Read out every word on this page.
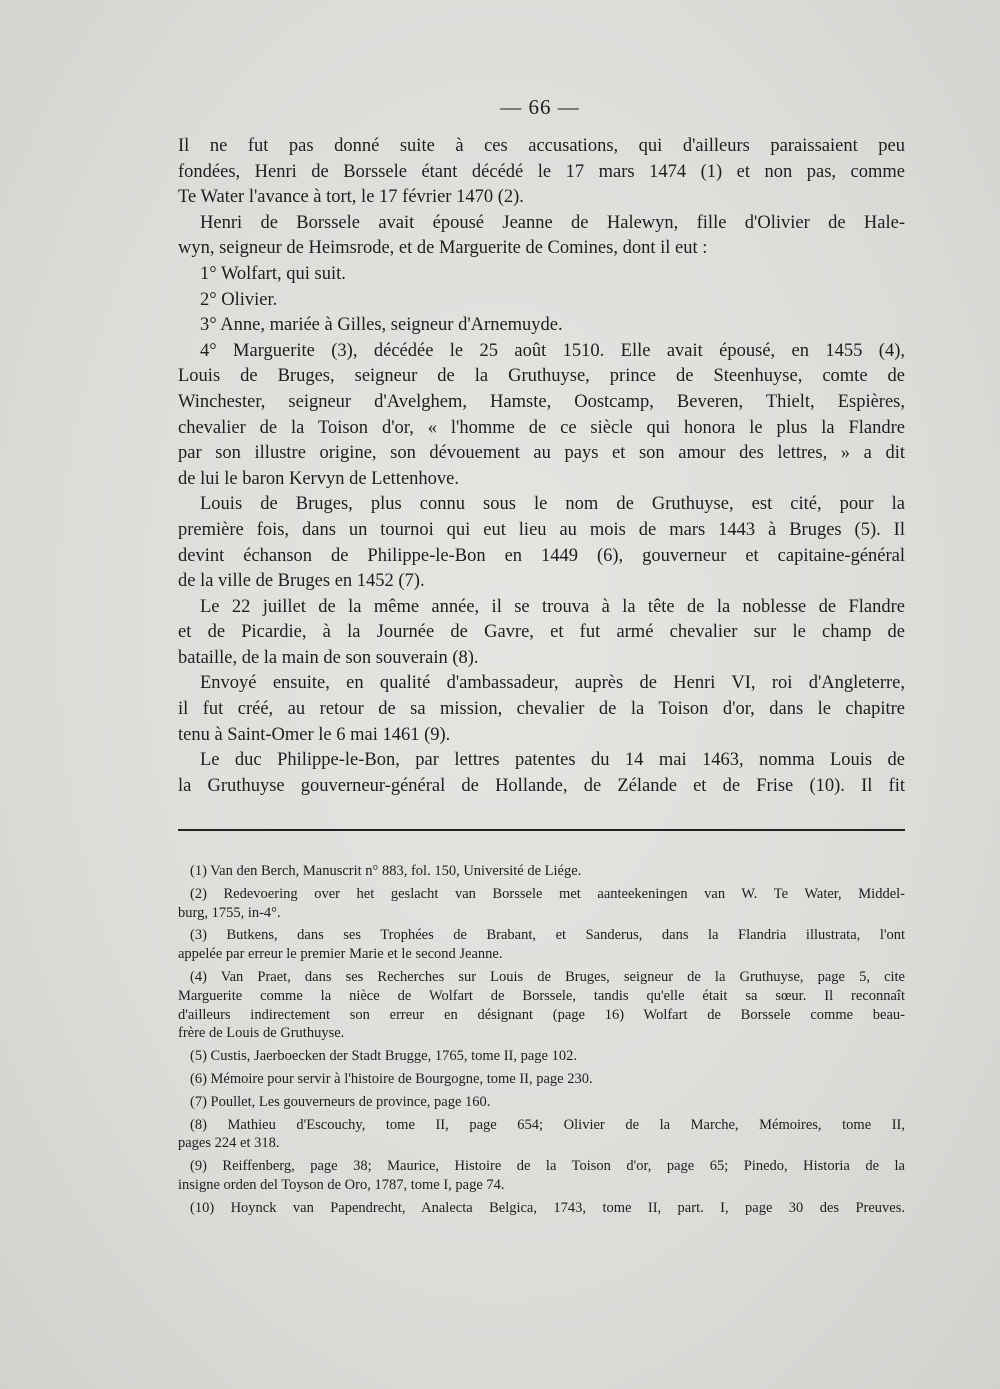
— 66 —
Il ne fut pas donné suite à ces accusations, qui d'ailleurs paraissaient peu
fondées, Henri de Borssele étant décédé le 17 mars 1474 (1) et non pas, comme
Te Water l'avance à tort, le 17 février 1470 (2).
Henri de Borssele avait épousé Jeanne de Halewyn, fille d'Olivier de Hale-
wyn, seigneur de Heimsrode, et de Marguerite de Comines, dont il eut :
1° Wolfart, qui suit.
2° Olivier.
3° Anne, mariée à Gilles, seigneur d'Arnemuyde.
4° Marguerite (3), décédée le 25 août 1510. Elle avait épousé, en 1455 (4),
Louis de Bruges, seigneur de la Gruthuyse, prince de Steenhuyse, comte de
Winchester, seigneur d'Avelghem, Hamste, Oostcamp, Beveren, Thielt, Espières,
chevalier de la Toison d'or, « l'homme de ce siècle qui honora le plus la Flandre
par son illustre origine, son dévouement au pays et son amour des lettres, » a dit
de lui le baron Kervyn de Lettenhove.
Louis de Bruges, plus connu sous le nom de Gruthuyse, est cité, pour la
première fois, dans un tournoi qui eut lieu au mois de mars 1443 à Bruges (5). Il
devint échanson de Philippe-le-Bon en 1449 (6), gouverneur et capitaine-général
de la ville de Bruges en 1452 (7).
Le 22 juillet de la même année, il se trouva à la tête de la noblesse de Flandre
et de Picardie, à la Journée de Gavre, et fut armé chevalier sur le champ de
bataille, de la main de son souverain (8).
Envoyé ensuite, en qualité d'ambassadeur, auprès de Henri VI, roi d'Angleterre,
il fut créé, au retour de sa mission, chevalier de la Toison d'or, dans le chapitre
tenu à Saint-Omer le 6 mai 1461 (9).
Le duc Philippe-le-Bon, par lettres patentes du 14 mai 1463, nomma Louis de
la Gruthuyse gouverneur-général de Hollande, de Zélande et de Frise (10). Il fit
(1) Van den Berch, Manuscrit n° 883, fol. 150, Université de Liége.
(2) Redevoering over het geslacht van Borssele met aanteekeningen van W. Te Water, Middel-
burg, 1755, in-4°.
(3) Butkens, dans ses Trophées de Brabant, et Sanderus, dans la Flandria illustrata, l'ont
appelée par erreur le premier Marie et le second Jeanne.
(4) Van Praet, dans ses Recherches sur Louis de Bruges, seigneur de la Gruthuyse, page 5, cite
Marguerite comme la nièce de Wolfart de Borssele, tandis qu'elle était sa sœur. Il reconnaît
d'ailleurs indirectement son erreur en désignant (page 16) Wolfart de Borssele comme beau-
frère de Louis de Gruthuyse.
(5) Custis, Jaerboecken der Stadt Brugge, 1765, tome II, page 102.
(6) Mémoire pour servir à l'histoire de Bourgogne, tome II, page 230.
(7) Poullet, Les gouverneurs de province, page 160.
(8) Mathieu d'Escouchy, tome II, page 654; Olivier de la Marche, Mémoires, tome II,
pages 224 et 318.
(9) Reiffenberg, page 38; Maurice, Histoire de la Toison d'or, page 65; Pinedo, Historia de la
insigne orden del Toyson de Oro, 1787, tome I, page 74.
(10) Hoynck van Papendrecht, Analecta Belgica, 1743, tome II, part. I, page 30 des Preuves.
